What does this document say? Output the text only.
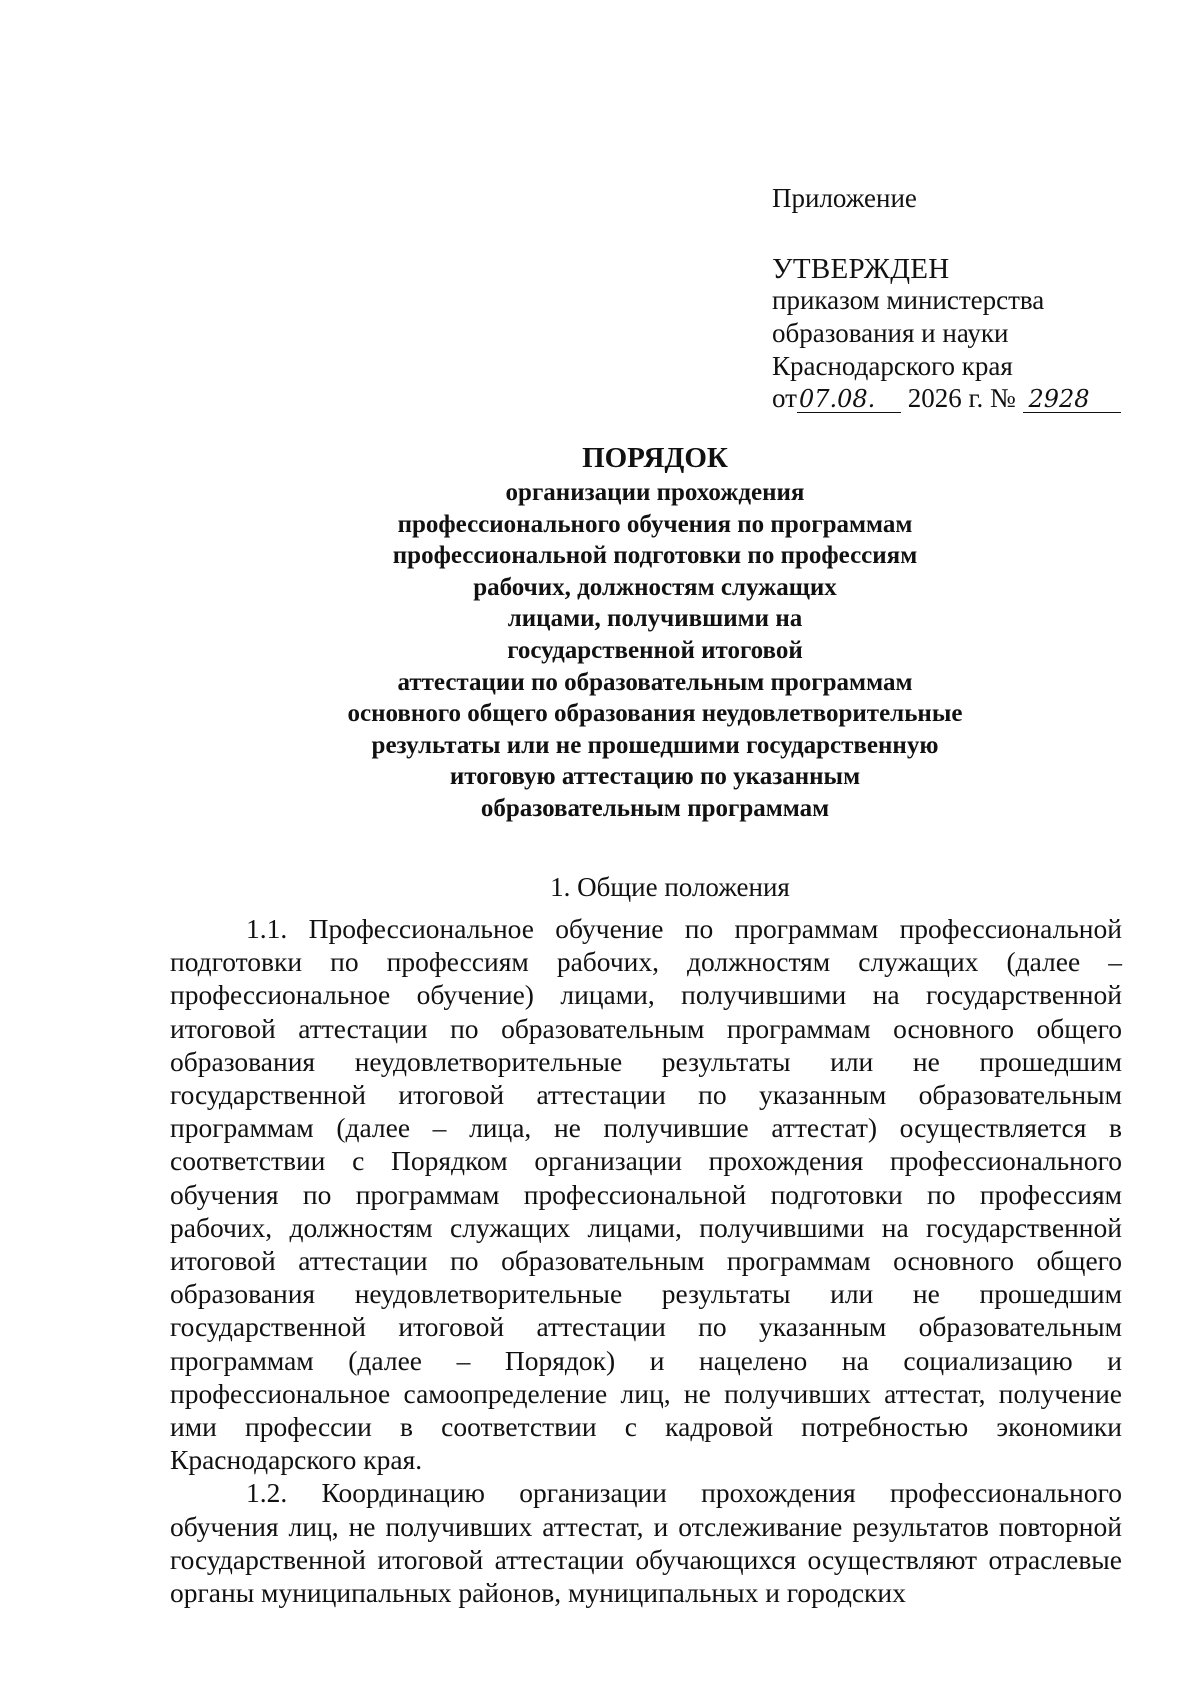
Приложение
УТВЕРЖДЕН
приказом министерства
образования и науки
Краснодарского края
от07.08. 2026 г. № 2928
ПОРЯДОК
организации прохождения
профессионального обучения по программам
профессиональной подготовки по профессиям
рабочих, должностям служащих
лицами, получившими на
государственной итоговой
аттестации по образовательным программам
основного общего образования неудовлетворительные
результаты или не прошедшими государственную
итоговую аттестацию по указанным
образовательным программам
1. Общие положения

1.1. Профессиональное обучение по программам профессиональной подготовки по профессиям рабочих, должностям служащих (далее – профессиональное обучение) лицами, получившими на государственной итоговой аттестации по образовательным программам основного общего образования неудовлетворительные результаты или не прошедшим государственной итоговой аттестации по указанным образовательным программам (далее – лица, не получившие аттестат) осуществляется в соответствии с Порядком организации прохождения профессионального обучения по программам профессиональной подготовки по профессиям рабочих, должностям служащих лицами, получившими на государственной итоговой аттестации по образовательным программам основного общего образования неудовлетворительные результаты или не прошедшим государственной итоговой аттестации по указанным образовательным программам (далее – Порядок) и нацелено на социализацию и профессиональное самоопределение лиц, не получивших аттестат, получение ими профессии в соответствии с кадровой потребностью экономики Краснодарского края.

1.2. Координацию организации прохождения профессионального обучения лиц, не получивших аттестат, и отслеживание результатов повторной государственной итоговой аттестации обучающихся осуществляют отраслевые органы муниципальных районов, муниципальных и городских
